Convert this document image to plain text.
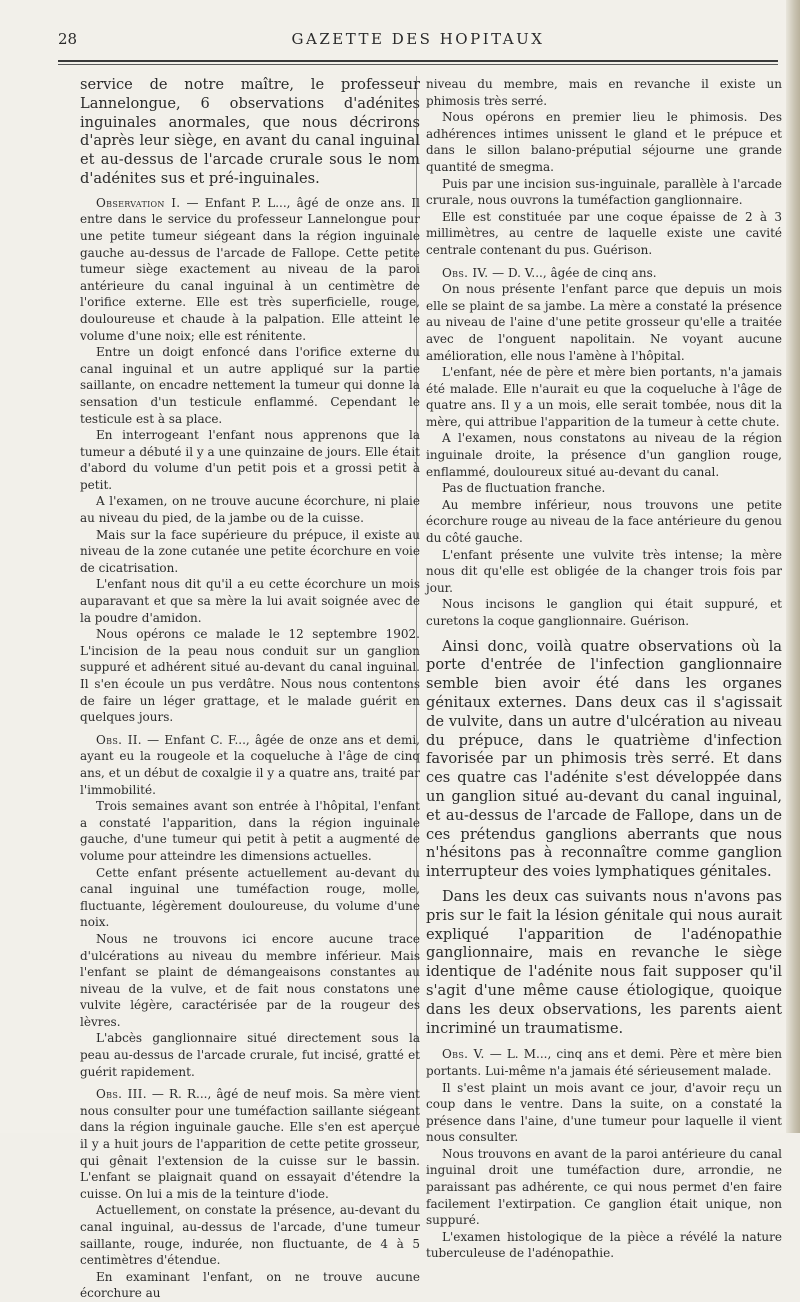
28	GAZETTE DES HOPITAUX

service de notre maître, le professeur Lannelongue, 6 observations d'adénites inguinales anormales, que nous décrirons d'après leur siège, en avant du canal inguinal et au-dessus de l'arcade crurale sous le nom d'adénites sus et pré-inguinales.

Observation I. — Enfant P. L..., âgé de onze ans. Il entre dans le service du professeur Lannelongue pour une petite tumeur siégeant dans la région inguinale gauche au-dessus de l'arcade de Fallope. Cette petite tumeur siège exactement au niveau de la paroi antérieure du canal inguinal à un centimètre de l'orifice externe. Elle est très superficielle, rouge, douloureuse et chaude à la palpation. Elle atteint le volume d'une noix; elle est rénitente.

Entre un doigt enfoncé dans l'orifice externe du canal inguinal et un autre appliqué sur la partie saillante, on encadre nettement la tumeur qui donne la sensation d'un testicule enflammé. Cependant le testicule est à sa place.

En interrogeant l'enfant nous apprenons que la tumeur a débuté il y a une quinzaine de jours. Elle était d'abord du volume d'un petit pois et a grossi petit à petit.

A l'examen, on ne trouve aucune écorchure, ni plaie au niveau du pied, de la jambe ou de la cuisse.

Mais sur la face supérieure du prépuce, il existe au niveau de la zone cutanée une petite écorchure en voie de cicatrisation.

L'enfant nous dit qu'il a eu cette écorchure un mois auparavant et que sa mère la lui avait soignée avec de la poudre d'amidon.

Nous opérons ce malade le 12 septembre 1902. L'incision de la peau nous conduit sur un ganglion suppuré et adhérent situé au-devant du canal inguinal. Il s'en écoule un pus verdâtre. Nous nous contentons de faire un léger grattage, et le malade guérit en quelques jours.

Obs. II. — Enfant C. F..., âgée de onze ans et demi, ayant eu la rougeole et la coqueluche à l'âge de cinq ans, et un début de coxalgie il y a quatre ans, traité par l'immobilité.

Trois semaines avant son entrée à l'hôpital, l'enfant a constaté l'apparition, dans la région inguinale gauche, d'une tumeur qui petit à petit a augmenté de volume pour atteindre les dimensions actuelles.

Cette enfant présente actuellement au-devant du canal inguinal une tuméfaction rouge, molle, fluctuante, légèrement douloureuse, du volume d'une noix.

Nous ne trouvons ici encore aucune trace d'ulcérations au niveau du membre inférieur. Mais l'enfant se plaint de démangeaisons constantes au niveau de la vulve, et de fait nous constatons une vulvite légère, caractérisée par de la rougeur des lèvres.

L'abcès ganglionnaire situé directement sous la peau au-dessus de l'arcade crurale, fut incisé, gratté et guérit rapidement.

Obs. III. — R. R..., âgé de neuf mois. Sa mère vient nous consulter pour une tuméfaction saillante siégeant dans la région inguinale gauche. Elle s'en est aperçue il y a huit jours de l'apparition de cette petite grosseur, qui gênait l'extension de la cuisse sur le bassin. L'enfant se plaignait quand on essayait d'étendre la cuisse. On lui a mis de la teinture d'iode.

Actuellement, on constate la présence, au-devant du canal inguinal, au-dessus de l'arcade, d'une tumeur saillante, rouge, indurée, non fluctuante, de 4 à 5 centimètres d'étendue.

En examinant l'enfant, on ne trouve aucune écorchure au

niveau du membre, mais en revanche il existe un phimosis très serré.

Nous opérons en premier lieu le phimosis. Des adhérences intimes unissent le gland et le prépuce et dans le sillon balano-préputial séjourne une grande quantité de smegma.

Puis par une incision sus-inguinale, parallèle à l'arcade crurale, nous ouvrons la tuméfaction ganglionnaire.

Elle est constituée par une coque épaisse de 2 à 3 millimètres, au centre de laquelle existe une cavité centrale contenant du pus. Guérison.

Obs. IV. — D. V..., âgée de cinq ans.

On nous présente l'enfant parce que depuis un mois elle se plaint de sa jambe. La mère a constaté la présence au niveau de l'aine d'une petite grosseur qu'elle a traitée avec de l'onguent napolitain. Ne voyant aucune amélioration, elle nous l'amène à l'hôpital.

L'enfant, née de père et mère bien portants, n'a jamais été malade. Elle n'aurait eu que la coqueluche à l'âge de quatre ans. Il y a un mois, elle serait tombée, nous dit la mère, qui attribue l'apparition de la tumeur à cette chute.

A l'examen, nous constatons au niveau de la région inguinale droite, la présence d'un ganglion rouge, enflammé, douloureux situé au-devant du canal.

Pas de fluctuation franche.

Au membre inférieur, nous trouvons une petite écorchure rouge au niveau de la face antérieure du genou du côté gauche.

L'enfant présente une vulvite très intense; la mère nous dit qu'elle est obligée de la changer trois fois par jour.

Nous incisons le ganglion qui était suppuré, et curetons la coque ganglionnaire. Guérison.

Ainsi donc, voilà quatre observations où la porte d'entrée de l'infection ganglionnaire semble bien avoir été dans les organes génitaux externes. Dans deux cas il s'agissait de vulvite, dans un autre d'ulcération au niveau du prépuce, dans le quatrième d'infection favorisée par un phimosis très serré. Et dans ces quatre cas l'adénite s'est développée dans un ganglion situé au-devant du canal inguinal, et au-dessus de l'arcade de Fallope, dans un de ces prétendus ganglions aberrants que nous n'hésitons pas à reconnaître comme ganglion interrupteur des voies lymphatiques génitales.

Dans les deux cas suivants nous n'avons pas pris sur le fait la lésion génitale qui nous aurait expliqué l'apparition de l'adénopathie ganglionnaire, mais en revanche le siège identique de l'adénite nous fait supposer qu'il s'agit d'une même cause étiologique, quoique dans les deux observations, les parents aient incriminé un traumatisme.

Obs. V. — L. M..., cinq ans et demi. Père et mère bien portants. Lui-même n'a jamais été sérieusement malade.

Il s'est plaint un mois avant ce jour, d'avoir reçu un coup dans le ventre. Dans la suite, on a constaté la présence dans l'aine, d'une tumeur pour laquelle il vient nous consulter.

Nous trouvons en avant de la paroi antérieure du canal inguinal droit une tuméfaction dure, arrondie, ne paraissant pas adhérente, ce qui nous permet d'en faire facilement l'extirpation. Ce ganglion était unique, non suppuré.

L'examen histologique de la pièce a révélé la nature tuberculeuse de l'adénopathie.
